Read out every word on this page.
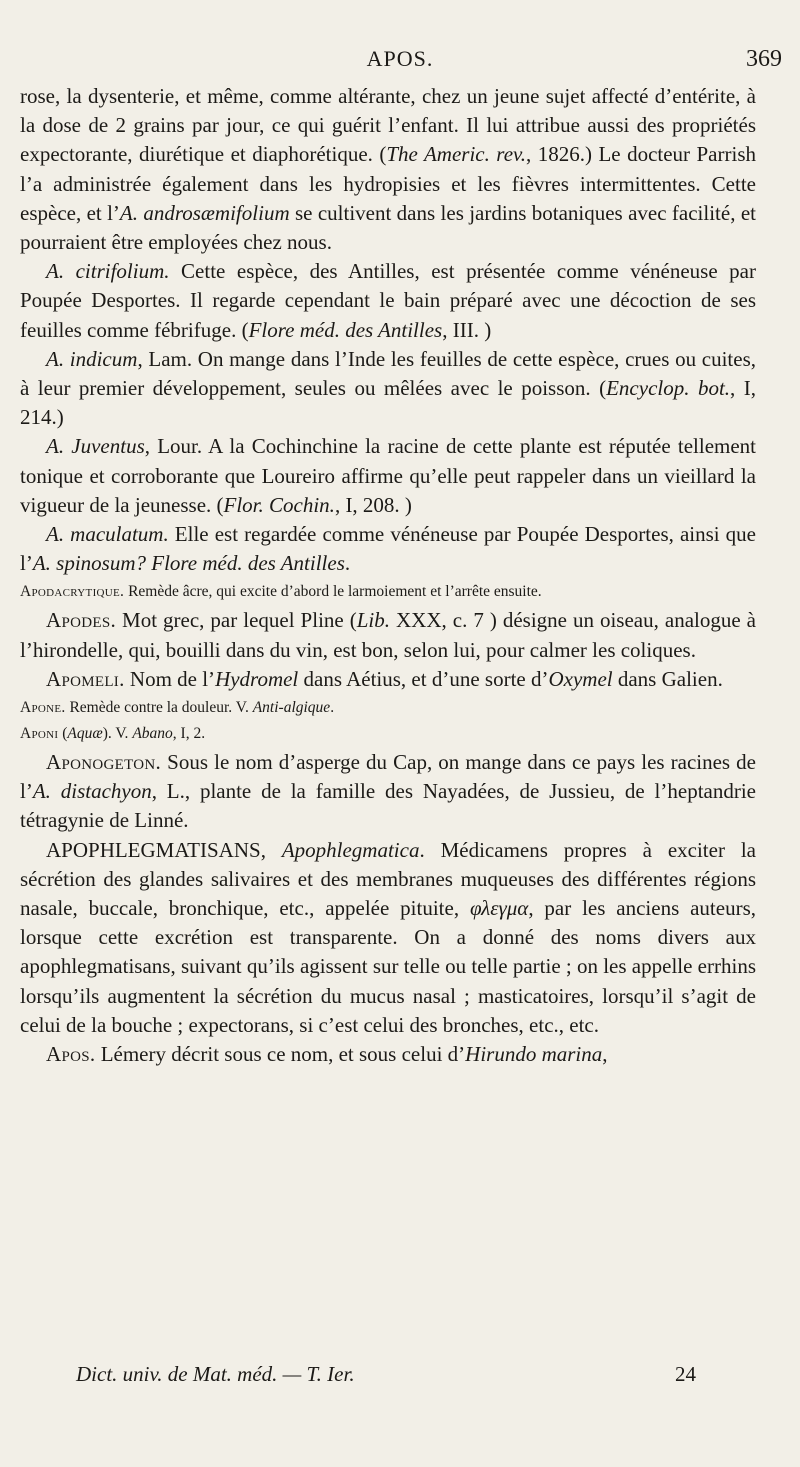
APOS.	369

rose, la dysenterie, et même, comme altérante, chez un jeune sujet affecté d’entérite, à la dose de 2 grains par jour, ce qui guérit l’enfant. Il lui attribue aussi des propriétés expectorante, diurétique et diaphorétique. (The Americ. rev., 1826.) Le docteur Parrish l’a administrée également dans les hydropisies et les fièvres intermittentes. Cette espèce, et l’A. androsæmifolium se cultivent dans les jardins botaniques avec facilité, et pourraient être employées chez nous.

A. citrifolium. Cette espèce, des Antilles, est présentée comme vénéneuse par Poupée Desportes. Il regarde cependant le bain préparé avec une décoction de ses feuilles comme fébrifuge. (Flore méd. des Antilles, III. )

A. indicum, Lam. On mange dans l’Inde les feuilles de cette espèce, crues ou cuites, à leur premier développement, seules ou mêlées avec le poisson. (Encyclop. bot., I, 214.)

A. Juventus, Lour. A la Cochinchine la racine de cette plante est réputée tellement tonique et corroborante que Loureiro affirme qu’elle peut rappeler dans un vieillard la vigueur de la jeunesse. (Flor. Cochin., I, 208. )

A. maculatum. Elle est regardée comme vénéneuse par Poupée Desportes, ainsi que l’A. spinosum? Flore méd. des Antilles.

Apodacrytique. Remède âcre, qui excite d’abord le larmoiement et l’arrête ensuite.

Apodes. Mot grec, par lequel Pline (Lib. XXX, c. 7 ) désigne un oiseau, analogue à l’hirondelle, qui, bouilli dans du vin, est bon, selon lui, pour calmer les coliques.

Apomeli. Nom de l’Hydromel dans Aétius, et d’une sorte d’Oxymel dans Galien.

Apone. Remède contre la douleur. V. Anti-algique.

Aponi (Aquæ). V. Abano, I, 2.

Aponogeton. Sous le nom d’asperge du Cap, on mange dans ce pays les racines de l’A. distachyon, L., plante de la famille des Nayadées, de Jussieu, de l’heptandrie tétragynie de Linné.

APOPHLEGMATISANS, Apophlegmatica. Médicamens propres à exciter la sécrétion des glandes salivaires et des membranes muqueuses des différentes régions nasale, buccale, bronchique, etc., appelée pituite, φλεγμα, par les anciens auteurs, lorsque cette excrétion est transparente. On a donné des noms divers aux apophlegmatisans, suivant qu’ils agissent sur telle ou telle partie ; on les appelle errhins lorsqu’ils augmentent la sécrétion du mucus nasal ; masticatoires, lorsqu’il s’agit de celui de la bouche ; expectorans, si c’est celui des bronches, etc., etc.

Apos. Lémery décrit sous ce nom, et sous celui d’Hirundo marina,

Dict. univ. de Mat. méd. — T. Ier.	24
